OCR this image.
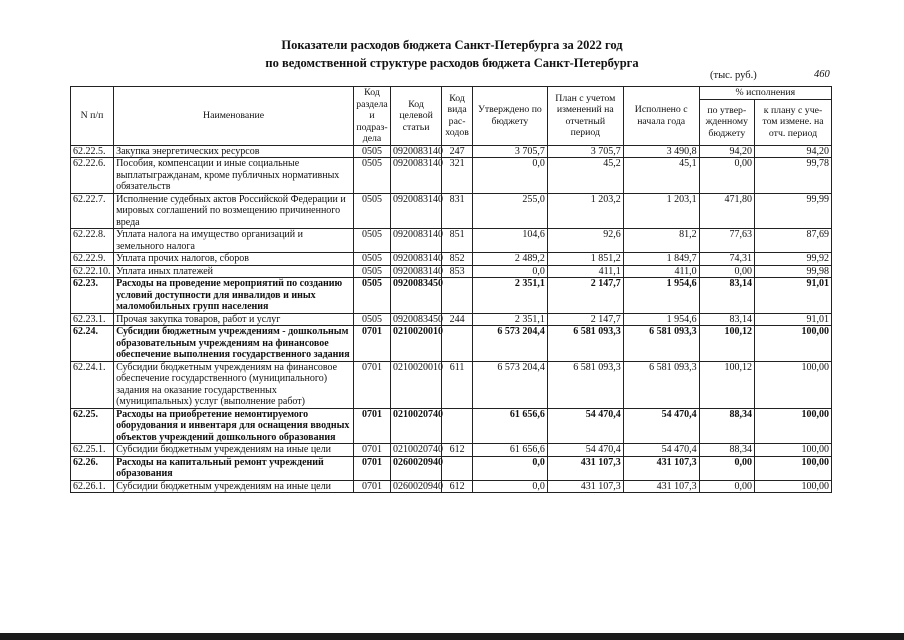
Показатели расходов бюджета Санкт-Петербурга за 2022 год
по ведомственной структуре расходов бюджета Санкт-Петербурга
(тыс. руб.)	460
N п/п	Наименование	Код раздела и подраз-дела	Код целевой статьи	Код вида рас-ходов	Утверждено по бюджету	План с учетом изменений на отчетный период	Исполнено с начала года	% исполнения	
								по утвер-жденному бюджету	к плану с уче-том измене. на отч. период
62.22.5.	Закупка энергетических ресурсов	0505	0920083140	247	3 705,7	3 705,7	3 490,8	94,20	94,20
62.22.6.	Пособия, компенсации и иные социальные выплатыгражданам, кроме публичных нормативных обязательств	0505	0920083140	321	0,0	45,2	45,1	0,00	99,78
62.22.7.	Исполнение судебных актов Российской Федерации и мировых соглашений по возмещению причиненного вреда	0505	0920083140	831	255,0	1 203,2	1 203,1	471,80	99,99
62.22.8.	Уплата налога на имущество организаций и земельного налога	0505	0920083140	851	104,6	92,6	81,2	77,63	87,69
62.22.9.	Уплата прочих налогов, сборов	0505	0920083140	852	2 489,2	1 851,2	1 849,7	74,31	99,92
62.22.10.	Уплата иных платежей	0505	0920083140	853	0,0	411,1	411,0	0,00	99,98
62.23.	Расходы на проведение мероприятий по созданию условий доступности для инвалидов и иных маломобильных групп населения	0505	0920083450		2 351,1	2 147,7	1 954,6	83,14	91,01
62.23.1.	Прочая закупка товаров, работ и услуг	0505	0920083450	244	2 351,1	2 147,7	1 954,6	83,14	91,01
62.24.	Субсидии бюджетным учреждениям - дошкольным образовательным учреждениям на финансовое обеспечение выполнения государственного задания	0701	0210020010		6 573 204,4	6 581 093,3	6 581 093,3	100,12	100,00
62.24.1.	Субсидии бюджетным учреждениям на финансовое обеспечение государственного (муниципального) задания на оказание государственных (муниципальных) услуг (выполнение работ)	0701	0210020010	611	6 573 204,4	6 581 093,3	6 581 093,3	100,12	100,00
62.25.	Расходы на приобретение немонтируемого оборудования и инвентаря для оснащения вводных объектов учреждений дошкольного образования	0701	0210020740		61 656,6	54 470,4	54 470,4	88,34	100,00
62.25.1.	Субсидии бюджетным учреждениям на иные цели	0701	0210020740	612	61 656,6	54 470,4	54 470,4	88,34	100,00
62.26.	Расходы на капитальный ремонт учреждений образования	0701	0260020940		0,0	431 107,3	431 107,3	0,00	100,00
62.26.1.	Субсидии бюджетным учреждениям на иные цели	0701	0260020940	612	0,0	431 107,3	431 107,3	0,00	100,00
